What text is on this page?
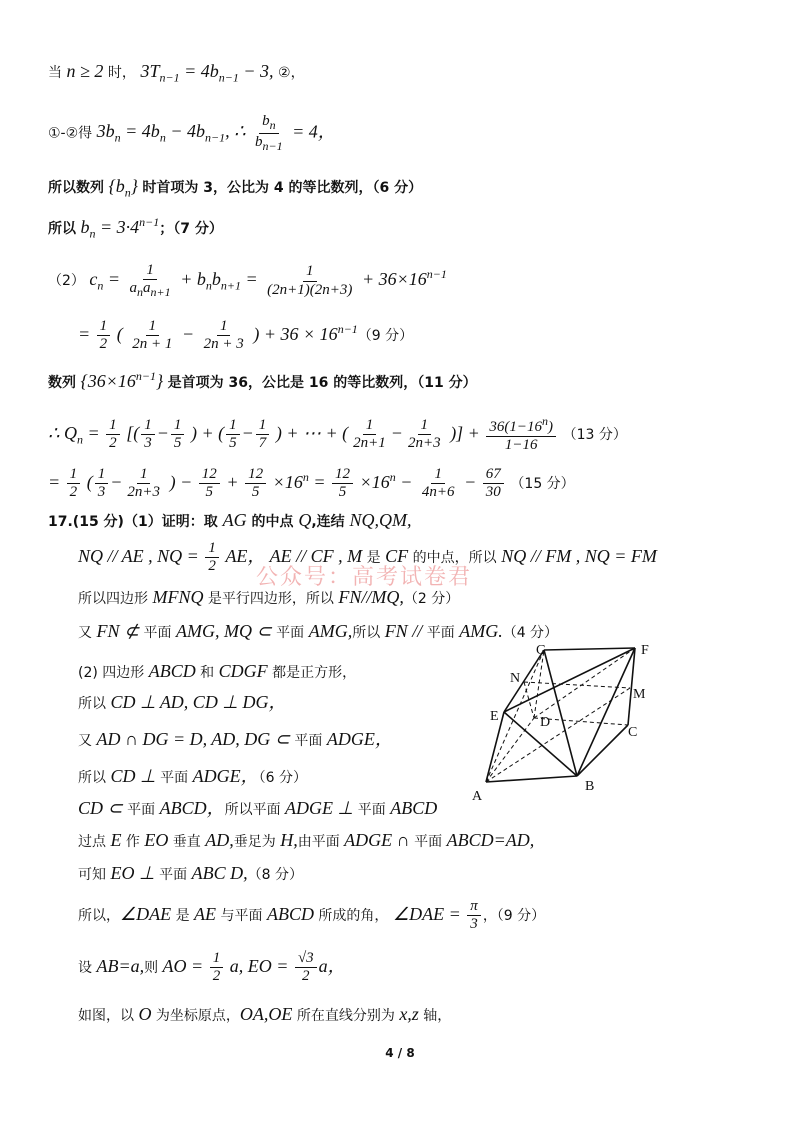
当 n ≥ 2 时， $3T_{n-1} = 4b_{n-1} - 3$, ②，
①-②得 $3b_n = 4b_n - 4b_{n-1}$, ∴ $\frac{b_n}{b_{n-1}} = 4$，
所以数列 $\{b_n\}$ 时首项为 3，公比为 4 的等比数列，（6 分）
所以 $b_n = 3\cdot 4^{n-1}$；（7 分）
（2） $c_n = \frac{1}{a_na_{n+1}} + b_nb_{n+1} = \frac{1}{(2n+1)(2n+3)} + 36\times 16^{n-1}$
= $\frac{1}{2}$ ( $\frac{1}{2n + 1} - \frac{1}{2n + 3}$ ) + $36 \times 16^{n-1}(9$ 分）
数列 $\{36\times 16^{n-1}\}$ 是首项为 36，公比是 16 的等比数列，（11 分）
∴ $Q_n = \frac{1}{2}$ [( $\frac{1}{3} - \frac{1}{5}$ ) + ( $\frac{1}{5} - \frac{1}{7}$ ) + ⋯ + ( $\frac{1}{2n+1} - \frac{1}{2n+3}$ )] + $\frac{36(1-16^n)}{1-16} (13$ 分）
= $\frac{1}{2}$ ( $\frac{1}{3} - \frac{1}{2n+3}$ ) − $\frac{12}{5} + \frac{12}{5} \times 16^n = \frac{12}{5} \times 16^n - \frac{1}{4n+6} - \frac{67}{30} (15$ 分）
17.(15 分)（1）证明：取 AG 的中点 Q,连结 NQ,QM,
NQ // AE , NQ = $\frac{1}{2}$ AE， AE // CF , M 是 CF 的中点，所以 NQ // FM , NQ = FM
公众号：高考试卷君
所以四边形 MFNQ 是平行四边形，所以 FN//MQ,（2 分）
又 FN ⊄ 平面 AMG, MQ ⊂ 平面 AMG,所以 FN // 平面 AMG.（4 分）
(2) 四边形 ABCD 和 CDGF 都是正方形，
所以 CD ⊥ AD, CD ⊥ DG，
又 AD ∩ DG = D, AD, DG ⊂ 平面 ADGE，
所以 CD ⊥ 平面 ADGE，（6 分）
CD ⊂ 平面 ABCD，所以平面 ADGE ⊥ 平面 ABCD
过点 E 作 EO 垂直 AD,垂足为 H,由平面 ADGE ∩ 平面 ABCD=AD,
可知 EO ⊥ 平面 ABC D,（8 分）
所以，∠DAE 是 AE 与平面 ABCD 所成的角， ∠DAE = $\frac{\pi}{3}$ ，（9 分）
设 AB=a,则 AO = $\frac{1}{2} a$, EO = $\frac{√3}{2}$ a，
如图，以 O 为坐标原点，OA,OE 所在直线分别为 x,z 轴，
G	F
N
M
E	D
C
A
B
4 / 8
